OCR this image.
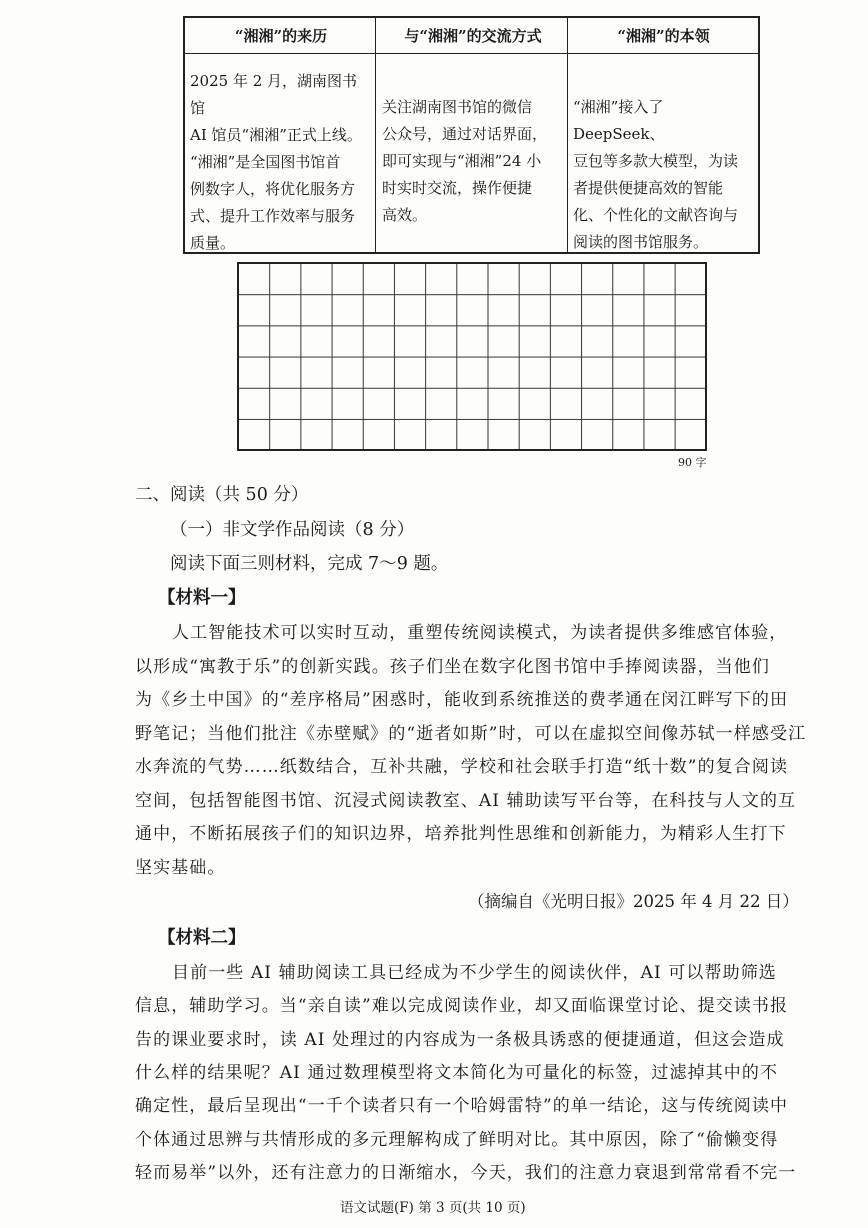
“湘湘”的来历	与“湘湘”的交流方式	“湘湘”的本领
2025 年 2 月，湖南图书馆
AI 馆员“湘湘”正式上线。
“湘湘”是全国图书馆首
例数字人，将优化服务方
式、提升工作效率与服务
质量。
关注湖南图书馆的微信
公众号，通过对话界面，
即可实现与“湘湘”24 小
时实时交流，操作便捷
高效。
“湘湘”接入了 DeepSeek、
豆包等多款大模型，为读
者提供便捷高效的智能
化、个性化的文献咨询与
阅读的图书馆服务。
90 字
二、阅读（共 50 分）
（一）非文学作品阅读（8 分）
阅读下面三则材料，完成 7～9 题。
【材料一】
人工智能技术可以实时互动，重塑传统阅读模式，为读者提供多维感官体验，
以形成“寓教于乐”的创新实践。孩子们坐在数字化图书馆中手捧阅读器，当他们
为《乡土中国》的“差序格局”困惑时，能收到系统推送的费孝通在闵江畔写下的田
野笔记；当他们批注《赤壁赋》的“逝者如斯”时，可以在虚拟空间像苏轼一样感受江
水奔流的气势……纸数结合，互补共融，学校和社会联手打造“纸十数”的复合阅读
空间，包括智能图书馆、沉浸式阅读教室、AI 辅助读写平台等，在科技与人文的互
通中，不断拓展孩子们的知识边界，培养批判性思维和创新能力，为精彩人生打下
坚实基础。
（摘编自《光明日报》2025 年 4 月 22 日）
【材料二】
目前一些 AI 辅助阅读工具已经成为不少学生的阅读伙伴，AI 可以帮助筛选
信息，辅助学习。当“亲自读”难以完成阅读作业，却又面临课堂讨论、提交读书报
告的课业要求时，读 AI 处理过的内容成为一条极具诱惑的便捷通道，但这会造成
什么样的结果呢？AI 通过数理模型将文本简化为可量化的标签，过滤掉其中的不
确定性，最后呈现出“一千个读者只有一个哈姆雷特”的单一结论，这与传统阅读中
个体通过思辨与共情形成的多元理解构成了鲜明对比。其中原因，除了“偷懒变得
轻而易举”以外，还有注意力的日渐缩水，今天，我们的注意力衰退到常常看不完一
语文试题(F) 第 3 页(共 10 页)
